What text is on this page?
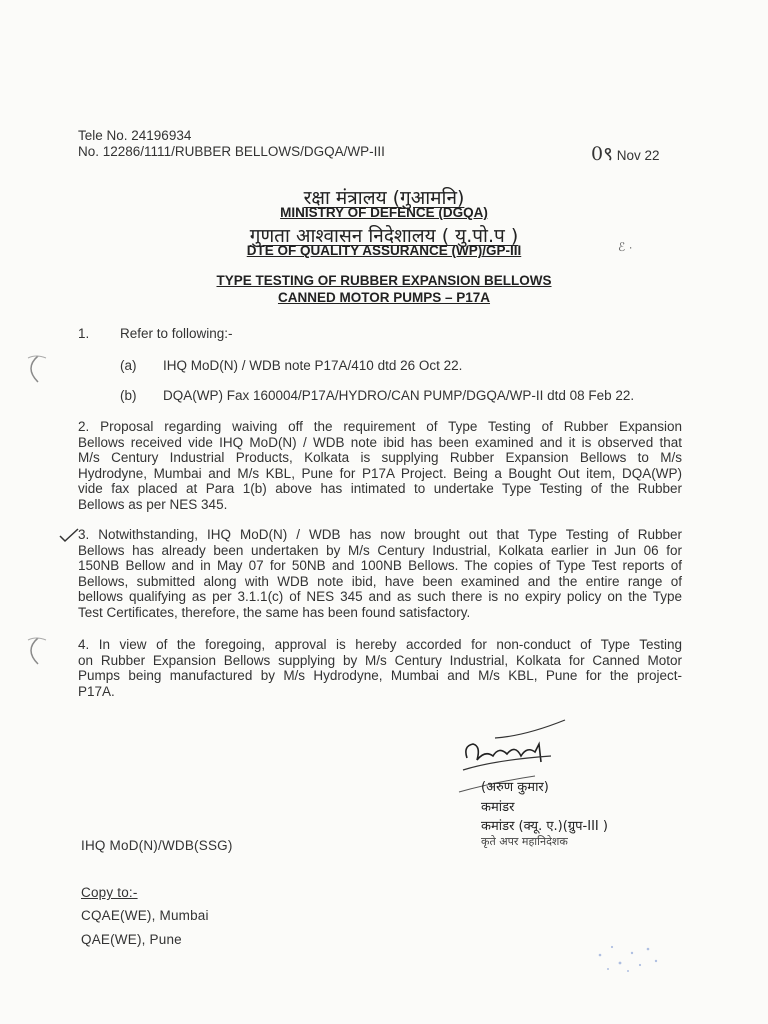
Tele No. 24196934
No. 12286/1111/RUBBER BELLOWS/DGQA/WP-III	0९ Nov 22
रक्षा मंत्रालय (गुआमनि)
MINISTRY OF DEFENCE (DGQA)
गुणता आश्वासन निदेशालय ( यु.पो.प )
DTE OF QUALITY ASSURANCE (WP)/GP-III	ℰ ·
TYPE TESTING OF RUBBER EXPANSION BELLOWS
CANNED MOTOR PUMPS – P17A
1. Refer to following:-
(a) IHQ MoD(N) / WDB note P17A/410 dtd 26 Oct 22.
(b) DQA(WP) Fax 160004/P17A/HYDRO/CAN PUMP/DGQA/WP-II dtd 08 Feb 22.
2. Proposal regarding waiving off the requirement of Type Testing of Rubber Expansion
Bellows received vide IHQ MoD(N) / WDB note ibid has been examined and it is observed that
M/s Century Industrial Products, Kolkata is supplying Rubber Expansion Bellows to M/s
Hydrodyne, Mumbai and M/s KBL, Pune for P17A Project. Being a Bought Out item, DQA(WP)
vide fax placed at Para 1(b) above has intimated to undertake Type Testing of the Rubber
Bellows as per NES 345.
3. Notwithstanding, IHQ MoD(N) / WDB has now brought out that Type Testing of Rubber
Bellows has already been undertaken by M/s Century Industrial, Kolkata earlier in Jun 06 for
150NB Bellow and in May 07 for 50NB and 100NB Bellows. The copies of Type Test reports of
Bellows, submitted along with WDB note ibid, have been examined and the entire range of
bellows qualifying as per 3.1.1(c) of NES 345 and as such there is no expiry policy on the Type
Test Certificates, therefore, the same has been found satisfactory.
4. In view of the foregoing, approval is hereby accorded for non-conduct of Type Testing
on Rubber Expansion Bellows supplying by M/s Century Industrial, Kolkata for Canned Motor
Pumps being manufactured by M/s Hydrodyne, Mumbai and M/s KBL, Pune for the project-
P17A.
(अरुण कुमार)
कमांडर
कमांडर (क्यू. ए.)(ग्रुप-III )
कृते अपर महानिदेशक
IHQ MoD(N)/WDB(SSG)
Copy to:-
CQAE(WE), Mumbai
QAE(WE), Pune
